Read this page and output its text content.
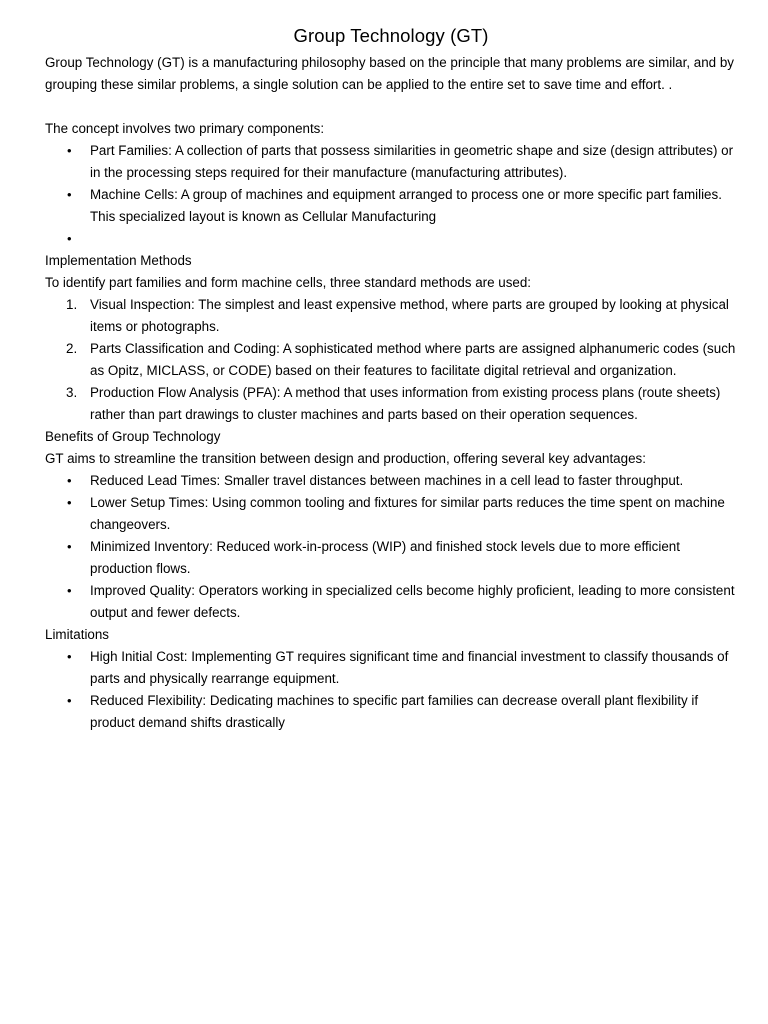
Group Technology (GT)

Group Technology (GT) is a manufacturing philosophy based on the principle that many problems are similar, and by grouping these similar problems, a single solution can be applied to the entire set to save time and effort. .

The concept involves two primary components:

• Part Families: A collection of parts that possess similarities in geometric shape and size (design attributes) or in the processing steps required for their manufacture (manufacturing attributes).
• Machine Cells: A group of machines and equipment arranged to process one or more specific part families. This specialized layout is known as Cellular Manufacturing
•

Implementation Methods

To identify part families and form machine cells, three standard methods are used:

1. Visual Inspection: The simplest and least expensive method, where parts are grouped by looking at physical items or photographs.
2. Parts Classification and Coding: A sophisticated method where parts are assigned alphanumeric codes (such as Opitz, MICLASS, or CODE) based on their features to facilitate digital retrieval and organization.
3. Production Flow Analysis (PFA): A method that uses information from existing process plans (route sheets) rather than part drawings to cluster machines and parts based on their operation sequences.

Benefits of Group Technology

GT aims to streamline the transition between design and production, offering several key advantages:

• Reduced Lead Times: Smaller travel distances between machines in a cell lead to faster throughput.
• Lower Setup Times: Using common tooling and fixtures for similar parts reduces the time spent on machine changeovers.
• Minimized Inventory: Reduced work-in-process (WIP) and finished stock levels due to more efficient production flows.
• Improved Quality: Operators working in specialized cells become highly proficient, leading to more consistent output and fewer defects.

Limitations

• High Initial Cost: Implementing GT requires significant time and financial investment to classify thousands of parts and physically rearrange equipment.
• Reduced Flexibility: Dedicating machines to specific part families can decrease overall plant flexibility if product demand shifts drastically
